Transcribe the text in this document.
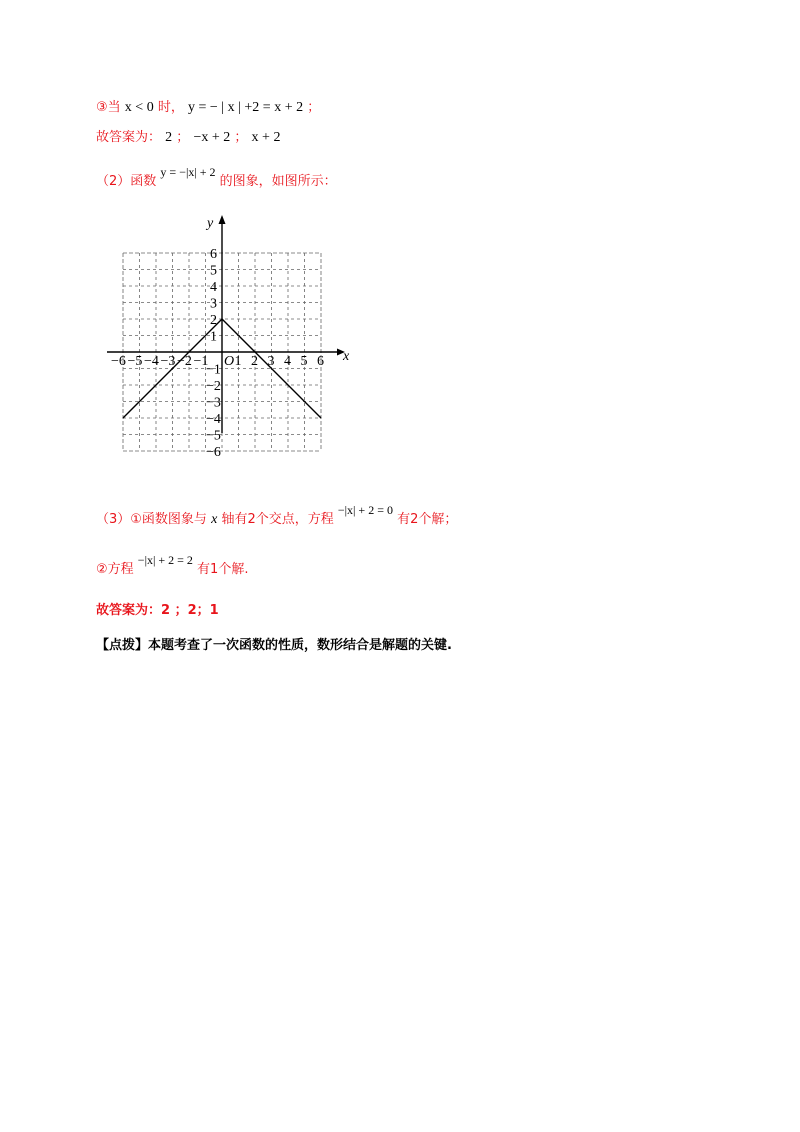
③当 x < 0 时， y = − | x | +2 = x + 2 ；
故答案为： 2 ； −x + 2 ； x + 2
（2）函数 y = −|x| + 2 的图象，如图所示：
x
y
O
−6 −5 −4 −3 −2 −1 1 2 3 4 5 6
1
2
3
4
5
6
−1
−2
−3
−4
−5
−6
（3）①函数图象与 x 轴有2个交点，方程 −|x| + 2 = 0 有2个解；
②方程 −|x| + 2 = 2 有1个解.
故答案为：2 ；2；1
【点拨】本题考查了一次函数的性质，数形结合是解题的关键.
